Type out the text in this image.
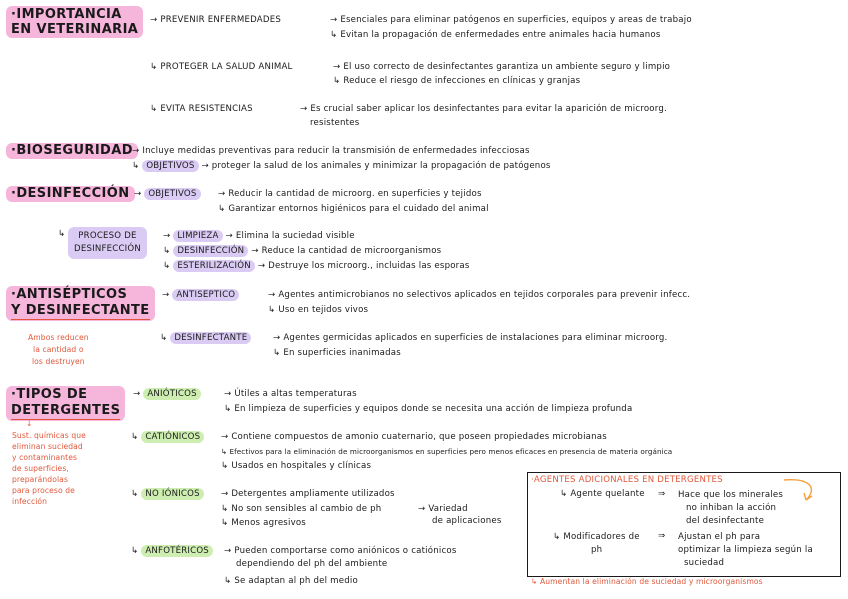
·IMPORTANCIA
EN VETERINARIA
→ PREVENIR ENFERMEDADES	→ Esenciales para eliminar patógenos en superficies, equipos y areas de trabajo
↳ Evitan la propagación de enfermedades entre animales hacia humanos
↳ PROTEGER LA SALUD ANIMAL	→ El uso correcto de desinfectantes garantiza un ambiente seguro y limpio
↳ Reduce el riesgo de infecciones en clínicas y granjas
↳ EVITA RESISTENCIAS	→ Es crucial saber aplicar los desinfectantes para evitar la aparición de microorg.
resistentes
·BIOSEGURIDAD → Incluye medidas preventivas para reducir la transmisión de enfermedades infecciosas
↳ OBJETIVOS → proteger la salud de los animales y minimizar la propagación de patógenos
·DESINFECCIÓN → OBJETIVOS	→ Reducir la cantidad de microorg. en superficies y tejidos
↳ Garantizar entornos higiénicos para el cuidado del animal
↳	PROCESO DE
DESINFECCIÓN
→ LIMPIEZA → Elimina la suciedad visible
↳ DESINFECCIÓN → Reduce la cantidad de microorganismos
↳ ESTERILIZACIÓN → Destruye los microorg., incluidas las esporas
·ANTISÉPTICOS
Y DESINFECTANTE
Ambos reducen
la cantidad o
los destruyen
→ ANTISEPTICO	→ Agentes antimicrobianos no selectivos aplicados en tejidos corporales para prevenir infecc.
↳ Uso en tejidos vivos
↳ DESINFECTANTE	→ Agentes germicidas aplicados en superficies de instalaciones para eliminar microorg.
↳ En superficies inanimadas
·TIPOS DE
DETERGENTES
↓
Sust. químicas que
eliminan suciedad
y contaminantes
de superficies,
preparándolas
para proceso de
infección
→ ANIÓTICOS	→ Útiles a altas temperaturas
↳ En limpieza de superficies y equipos donde se necesita una acción de limpieza profunda
↳ CATIÓNICOS	→ Contiene compuestos de amonio cuaternario, que poseen propiedades microbianas
↳ Efectivos para la eliminación de microorganismos en superficies pero menos eficaces en presencia de materia orgánica
↳ Usados en hospitales y clínicas
↳ NO IÓNICOS	→ Detergentes ampliamente utilizados
↳ No son sensibles al cambio de ph
↳ Menos agresivos
→ Variedad
de aplicaciones
↳ ANFOTÉRICOS	→ Pueden comportarse como aniónicos o catiónicos
dependiendo del ph del ambiente
↳ Se adaptan al ph del medio
·AGENTES ADICIONALES EN DETERGENTES
↳ Agente quelante ⇒ Hace que los minerales
no inhiban la acción
del desinfectante
↳ Modificadores de
ph
⇒ Ajustan el ph para
optimizar la limpieza según la
suciedad
↳ Aumentan la eliminación de suciedad y microorganismos
